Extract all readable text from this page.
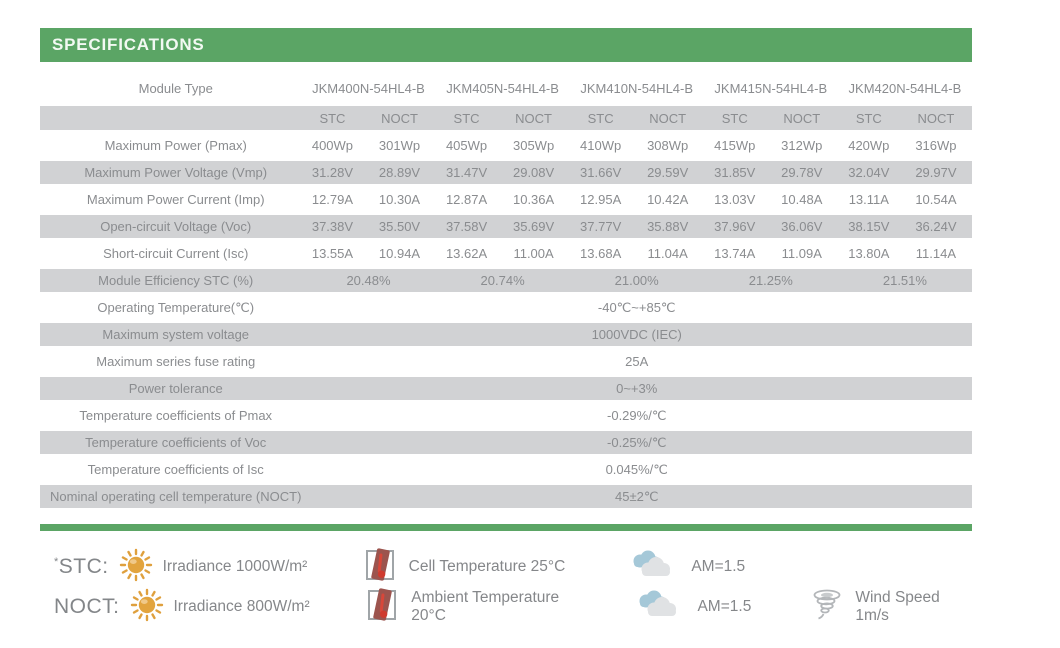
SPECIFICATIONS
Module Type	JKM400N-54HL4-B		JKM405N-54HL4-B		JKM410N-54HL4-B		JKM415N-54HL4-B		JKM420N-54HL4-B	
	STC	NOCT	STC	NOCT	STC	NOCT	STC	NOCT	STC	NOCT
Maximum Power (Pmax)	400Wp	301Wp	405Wp	305Wp	410Wp	308Wp	415Wp	312Wp	420Wp	316Wp
Maximum Power Voltage (Vmp)	31.28V	28.89V	31.47V	29.08V	31.66V	29.59V	31.85V	29.78V	32.04V	29.97V
Maximum Power Current (Imp)	12.79A	10.30A	12.87A	10.36A	12.95A	10.42A	13.03V	10.48A	13.11A	10.54A
Open-circuit Voltage (Voc)	37.38V	35.50V	37.58V	35.69V	37.77V	35.88V	37.96V	36.06V	38.15V	36.24V
Short-circuit Current (Isc)	13.55A	10.94A	13.62A	11.00A	13.68A	11.04A	13.74A	11.09A	13.80A	11.14A
Module Efficiency STC (%)	20.48%		20.74%		21.00%		21.25%		21.51%	
Operating Temperature(℃)	-40℃~+85℃									
Maximum system voltage	1000VDC (IEC)									
Maximum series fuse rating	25A									
Power tolerance	0~+3%									
Temperature coefficients of Pmax	-0.29%/℃									
Temperature coefficients of Voc	-0.25%/℃									
Temperature coefficients of Isc	0.045%/℃									
Nominal operating cell temperature (NOCT)	45±2℃									
*STC:	Irradiance 1000W/m²	Cell Temperature 25°C	AM=1.5
NOCT:	Irradiance 800W/m²
Ambient Temperature 20°C
AM=1.5
Wind Speed 1m/s
